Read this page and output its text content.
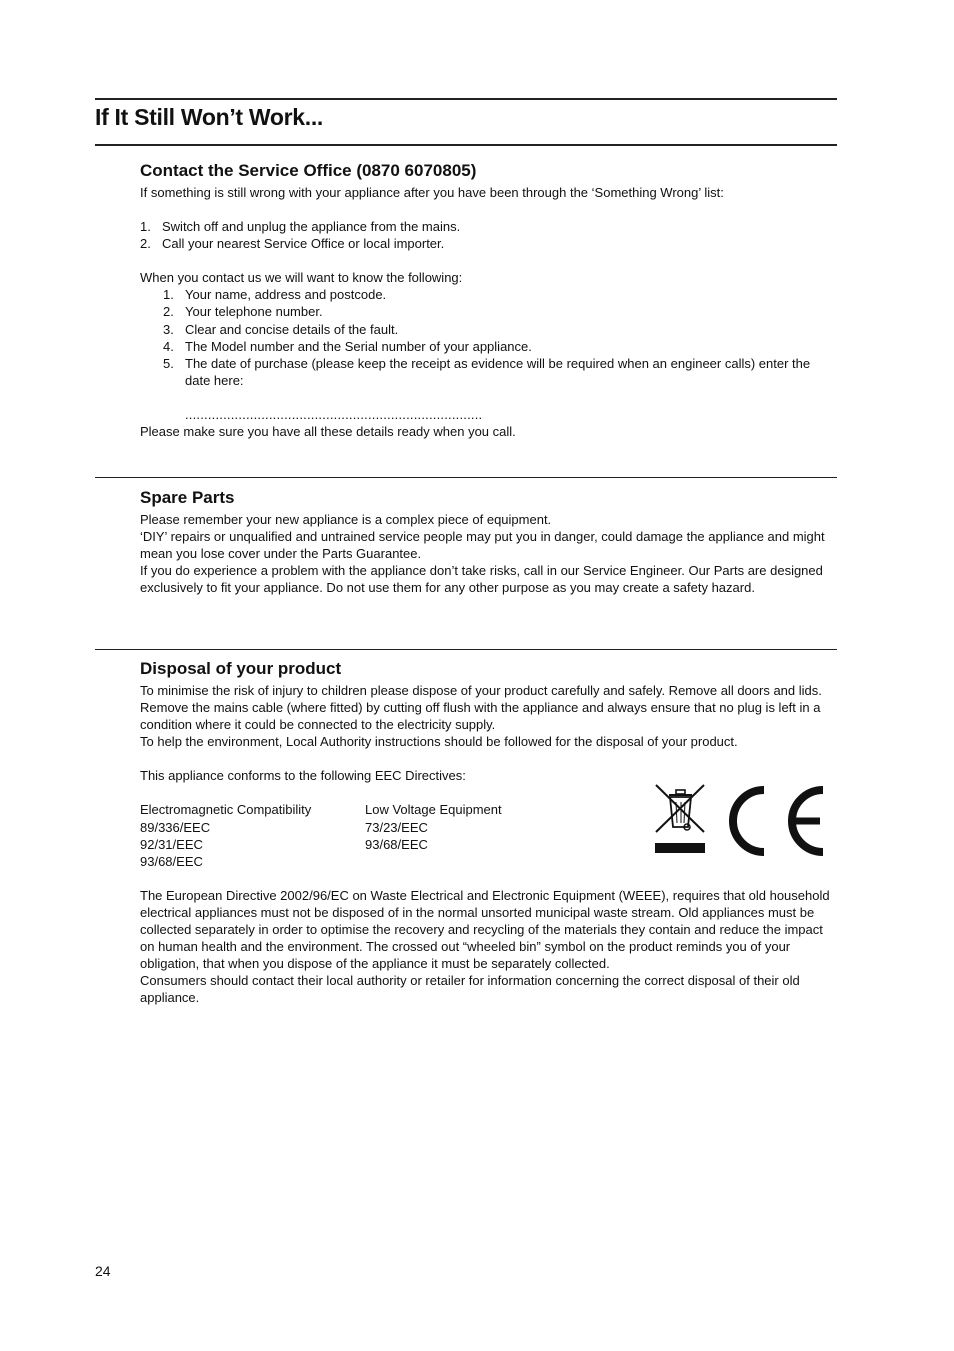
If It Still Won’t Work...
Contact the Service Office (0870 6070805)

If something is still wrong with your appliance after you have been through the ‘Something Wrong’ list:

1. Switch off and unplug the appliance from the mains.
2. Call your nearest Service Office or local importer.

When you contact us we will want to know the following:

1. Your name, address and postcode.
2. Your telephone number.
3. Clear and concise details of the fault.
4. The Model number and the Serial number of your appliance.
5. The date of purchase (please keep the receipt as evidence will be required when an engineer calls) enter the date here:

..............................................................................

Please make sure you have all these details ready when you call.

Spare Parts

Please remember your new appliance is a complex piece of equipment.

‘DIY’ repairs or unqualified and untrained service people may put you in danger, could damage the appliance and might mean you lose cover under the Parts Guarantee.

If you do experience a problem with the appliance don’t take risks, call in our Service Engineer. Our Parts are designed exclusively to fit your appliance. Do not use them for any other purpose as you may create a safety hazard.

Disposal of your product

To minimise the risk of injury to children please dispose of your product carefully and safely. Remove all doors and lids. Remove the mains cable (where fitted) by cutting off flush with the appliance and always ensure that no plug is left in a condition where it could be connected to the electricity supply.

To help the environment, Local Authority instructions should be followed for the disposal of your product.

This appliance conforms to the following EEC Directives:

Electromagnetic Compatibility

89/336/EEC

92/31/EEC

93/68/EEC

Low Voltage Equipment

73/23/EEC

93/68/EEC

The European Directive 2002/96/EC on Waste Electrical and Electronic Equipment (WEEE), requires that old household electrical appliances must not be disposed of in the normal unsorted municipal waste stream. Old appliances must be collected separately in order to optimise the recovery and recycling of the materials they contain and reduce the impact on human health and the environment. The crossed out “wheeled bin” symbol on the product reminds you of your obligation, that when you dispose of the appliance it must be separately collected.

Consumers should contact their local authority or retailer for information concerning the correct disposal of their old appliance.

24
